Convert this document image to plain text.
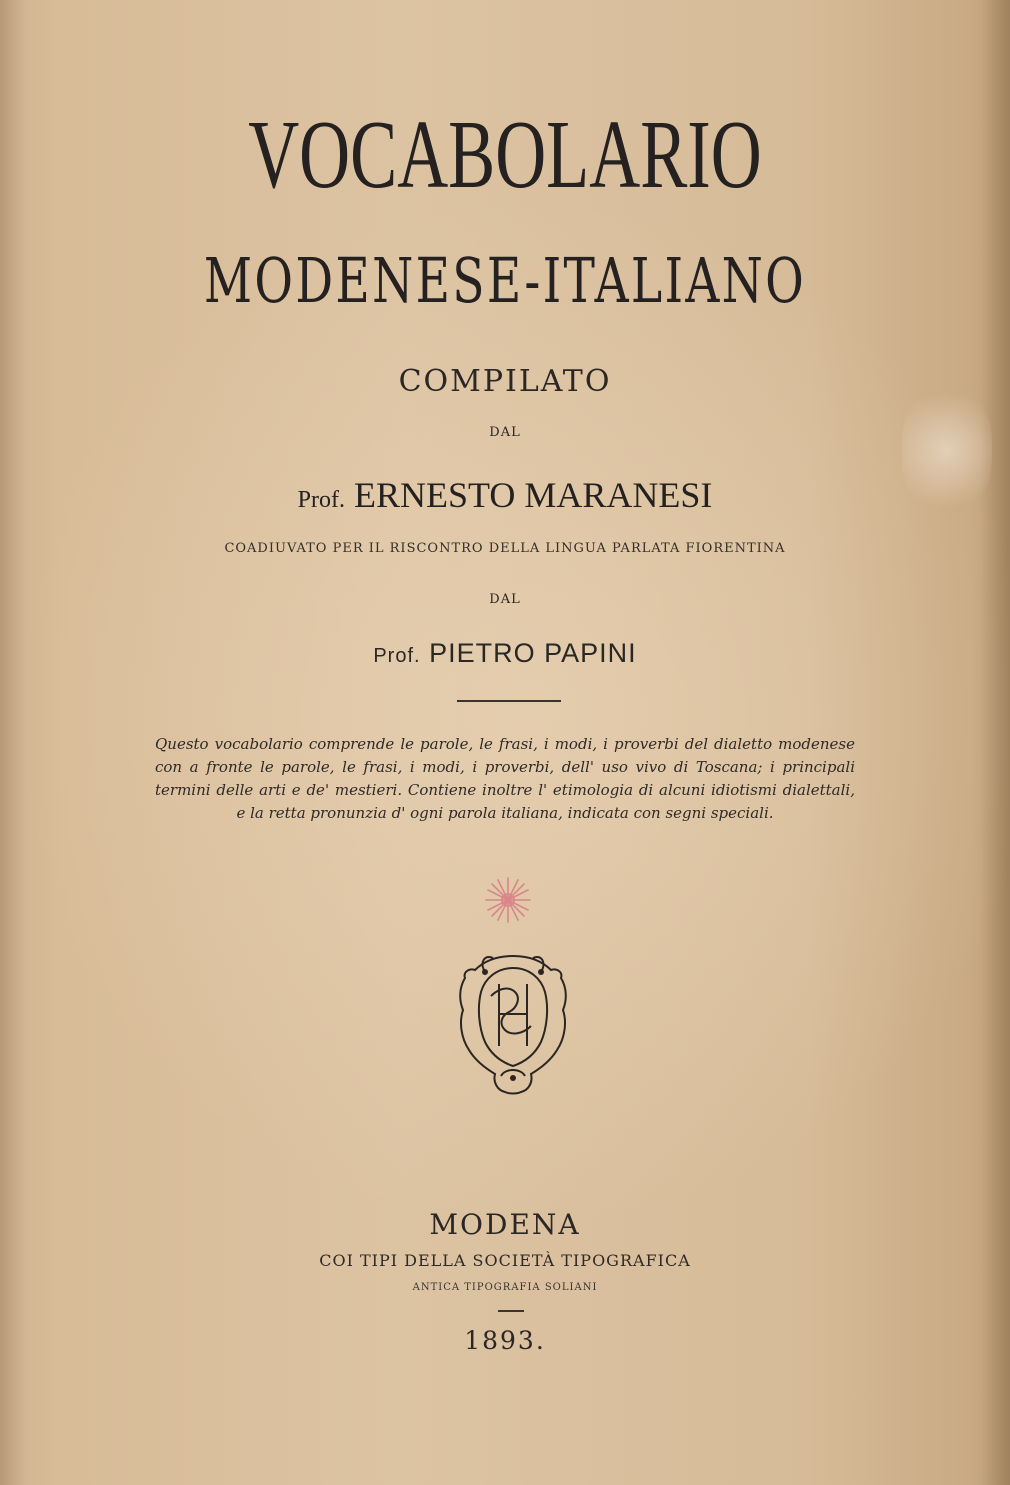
VOCABOLARIO
MODENESE-ITALIANO
COMPILATO
DAL
Prof. ERNESTO MARANESI
COADIUVATO PER IL RISCONTRO DELLA LINGUA PARLATA FIORENTINA
DAL
Prof. PIETRO PAPINI
Questo vocabolario comprende le parole, le frasi, i modi, i proverbi del dialetto modenese con a fronte le parole, le frasi, i modi, i proverbi, dell' uso vivo di Toscana; i principali termini delle arti e de' mestieri. Contiene inoltre l' etimologia di alcuni idiotismi dialettali, e la retta pronunzia d' ogni parola italiana, indicata con segni speciali.
MODENA
COI TIPI DELLA SOCIETÀ TIPOGRAFICA
ANTICA TIPOGRAFIA SOLIANI
1893.
